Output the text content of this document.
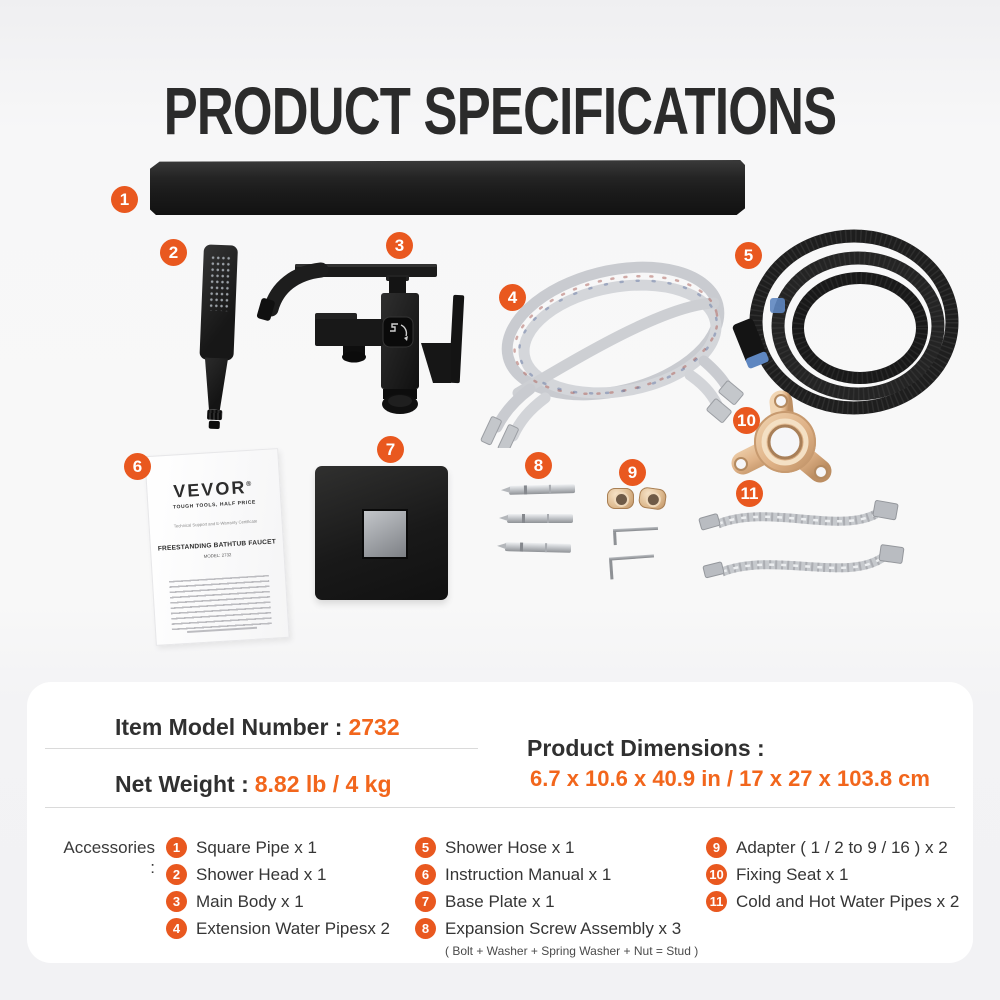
PRODUCT SPECIFICATIONS
VEVOR®
TOUGH TOOLS, HALF PRICE
Technical Support and E-Warranty Certificate
FREESTANDING BATHTUB FAUCET
MODEL: 2732
1
2	3
4
5
6
7
8	9
10
11
Item Model Number : 2732
Net Weight : 8.82 lb / 4 kg
Product Dimensions :
6.7 x 10.6 x 40.9 in / 17 x 27 x 103.8 cm
Accessories :
1 Square Pipe x 1
2 Shower Head x 1
3 Main Body x 1
4 Extension Water Pipesx 2
5 Shower Hose x 1
6 Instruction Manual x 1
7 Base Plate x 1
8 Expansion Screw Assembly x 3
( Bolt + Washer + Spring Washer + Nut = Stud )
9 Adapter ( 1 / 2 to 9 / 16 ) x 2
10 Fixing Seat x 1
11 Cold and Hot Water Pipes x 2
